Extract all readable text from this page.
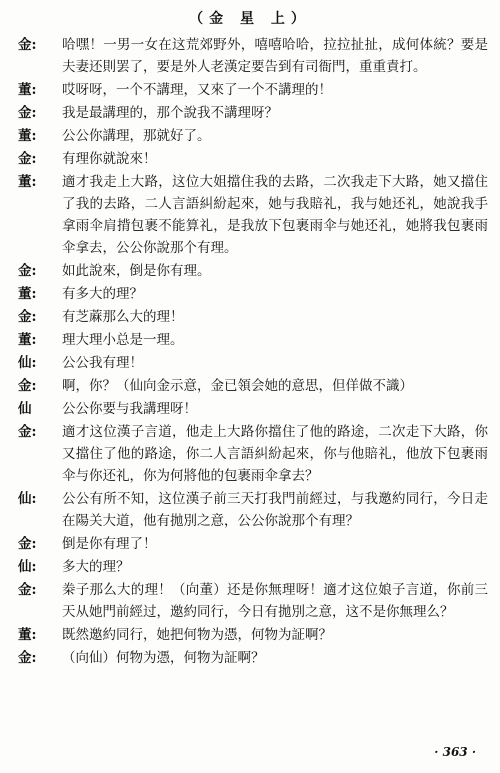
（金 星 上）
金:	哈嘿！一男一女在这荒郊野外，嘻嘻哈哈，拉拉扯扯，成何体統？要是夫妻还則罢了，要是外人老漢定要告到有司衙門，重重責打。
董:	哎呀呀，一个不講理，又來了一个不講理的！
金:	我是最講理的，那个說我不講理呀？
董:	公公你講理，那就好了。
金:	有理你就說來！
董:	適才我走上大路，这位大姐擋住我的去路，二次我走下大路，她又擋住了我的去路，二人言語糾紛起來，她与我賠礼，我与她还礼，她說我手拿雨伞肩揹包裹不能算礼，是我放下包裹雨伞与她还礼，她將我包裹雨伞拿去，公公你說那个有理。
金:	如此說來，倒是你有理。
董:	有多大的理？
金:	有芝蔴那么大的理！
董:	理大理小总是一理。
仙:	公公我有理！
金:	啊，你？（仙向金示意，金已領会她的意思，但佯做不識）
仙	公公你要与我講理呀！
金:	適才这位漢子言道，他走上大路你擋住了他的路途，二次走下大路，你又擋住了他的路途，你二人言語糾紛起來，你与他賠礼，他放下包裹雨伞与你还礼，你为何將他的包裹雨伞拿去？
仙:	公公有所不知，这位漢子前三天打我門前經过，与我邀約同行，今日走在陽关大道，他有拋別之意，公公你說那个有理？
金:	倒是你有理了！
仙:	多大的理？
金:	桊子那么大的理！（向董）还是你無理呀！適才这位娘子言道，你前三天从她門前經过，邀約同行，今日有拋別之意，这不是你無理么？
董:	既然邀約同行，她把何物为憑，何物为証啊？
金:	（向仙）何物为憑，何物为証啊？
· 363 ·
